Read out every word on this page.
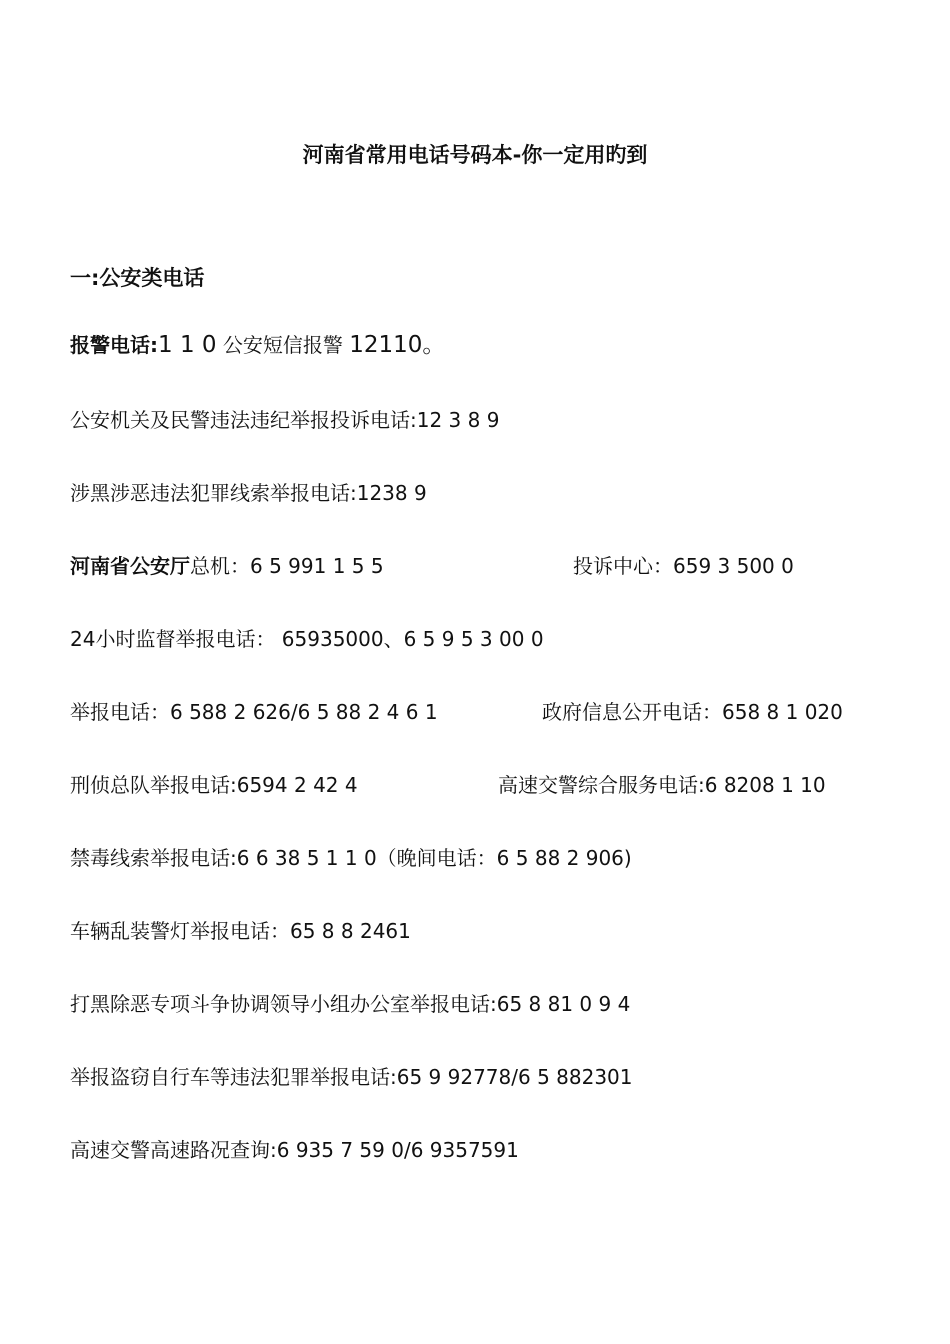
河南省常用电话号码本-你一定用旳到
一:公安类电话
报警电话:1 1 0 公安短信报警 12110。
公安机关及民警违法违纪举报投诉电话:12 3 8 9
涉黑涉恶违法犯罪线索举报电话:1238 9
河南省公安厅总机：6 5 991 1 5 5	投诉中心：659 3 500 0
24小时监督举报电话： 65935000、6 5 9 5 3 00 0
举报电话：6 588 2 626/6 5 88 2 4 6 1	政府信息公开电话：658 8 1 020
刑侦总队举报电话:6594 2 42 4	高速交警综合服务电话:6 8208 1 10
禁毒线索举报电话:6 6 38 5 1 1 0（晚间电话：6 5 88 2 906)
车辆乱装警灯举报电话：65 8 8 2461
打黑除恶专项斗争协调领导小组办公室举报电话:65 8 81 0 9 4
举报盗窃自行车等违法犯罪举报电话:65 9 92778/6 5 882301
高速交警高速路况查询:6 935 7 59 0/6 9357591
